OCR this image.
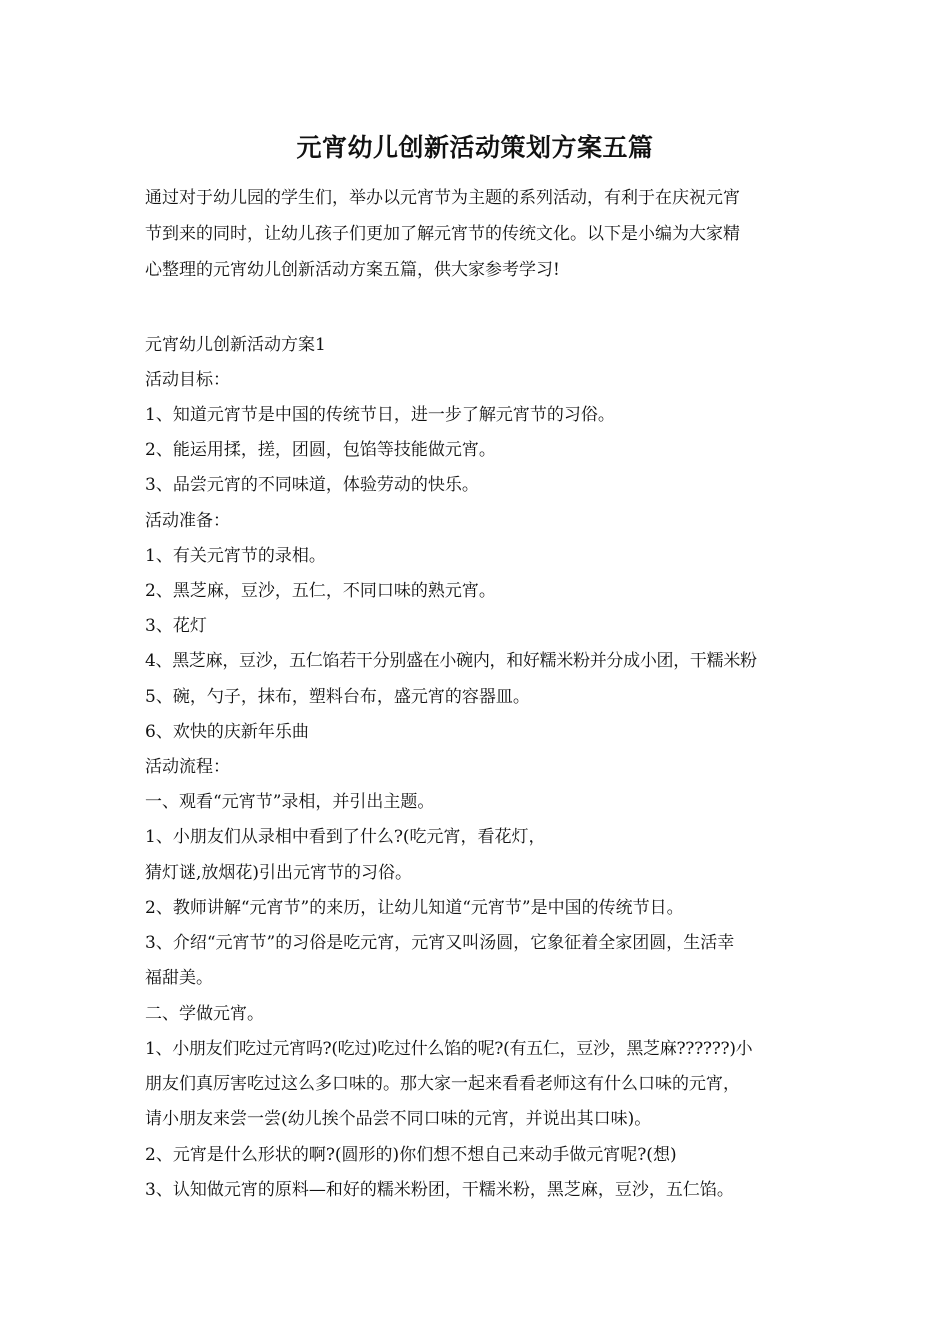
元宵幼儿创新活动策划方案五篇
通过对于幼儿园的学生们，举办以元宵节为主题的系列活动，有利于在庆祝元宵
节到来的同时，让幼儿孩子们更加了解元宵节的传统文化。以下是小编为大家精
心整理的元宵幼儿创新活动方案五篇，供大家参考学习!

元宵幼儿创新活动方案1

活动目标：

1、知道元宵节是中国的传统节日，进一步了解元宵节的习俗。

2、能运用揉，搓，团圆，包馅等技能做元宵。

3、品尝元宵的不同味道，体验劳动的快乐。

活动准备：

1、有关元宵节的录相。

2、黑芝麻，豆沙，五仁，不同口味的熟元宵。

3、花灯

4、黑芝麻，豆沙，五仁馅若干分别盛在小碗内，和好糯米粉并分成小团，干糯米粉

5、碗，勺子，抹布，塑料台布，盛元宵的容器皿。

6、欢快的庆新年乐曲

活动流程：

一、观看“元宵节”录相，并引出主题。

1、小朋友们从录相中看到了什么?(吃元宵，看花灯，

猜灯谜,放烟花)引出元宵节的习俗。

2、教师讲解“元宵节”的来历，让幼儿知道“元宵节”是中国的传统节日。

3、介绍“元宵节”的习俗是吃元宵，元宵又叫汤圆，它象征着全家团圆，生活幸

福甜美。

二、学做元宵。

1、小朋友们吃过元宵吗?(吃过)吃过什么馅的呢?(有五仁，豆沙，黑芝麻??????)小

朋友们真厉害吃过这么多口味的。那大家一起来看看老师这有什么口味的元宵，

请小朋友来尝一尝(幼儿挨个品尝不同口味的元宵，并说出其口味)。

2、元宵是什么形状的啊?(圆形的)你们想不想自己来动手做元宵呢?(想)

3、认知做元宵的原料—和好的糯米粉团，干糯米粉，黑芝麻，豆沙，五仁馅。
